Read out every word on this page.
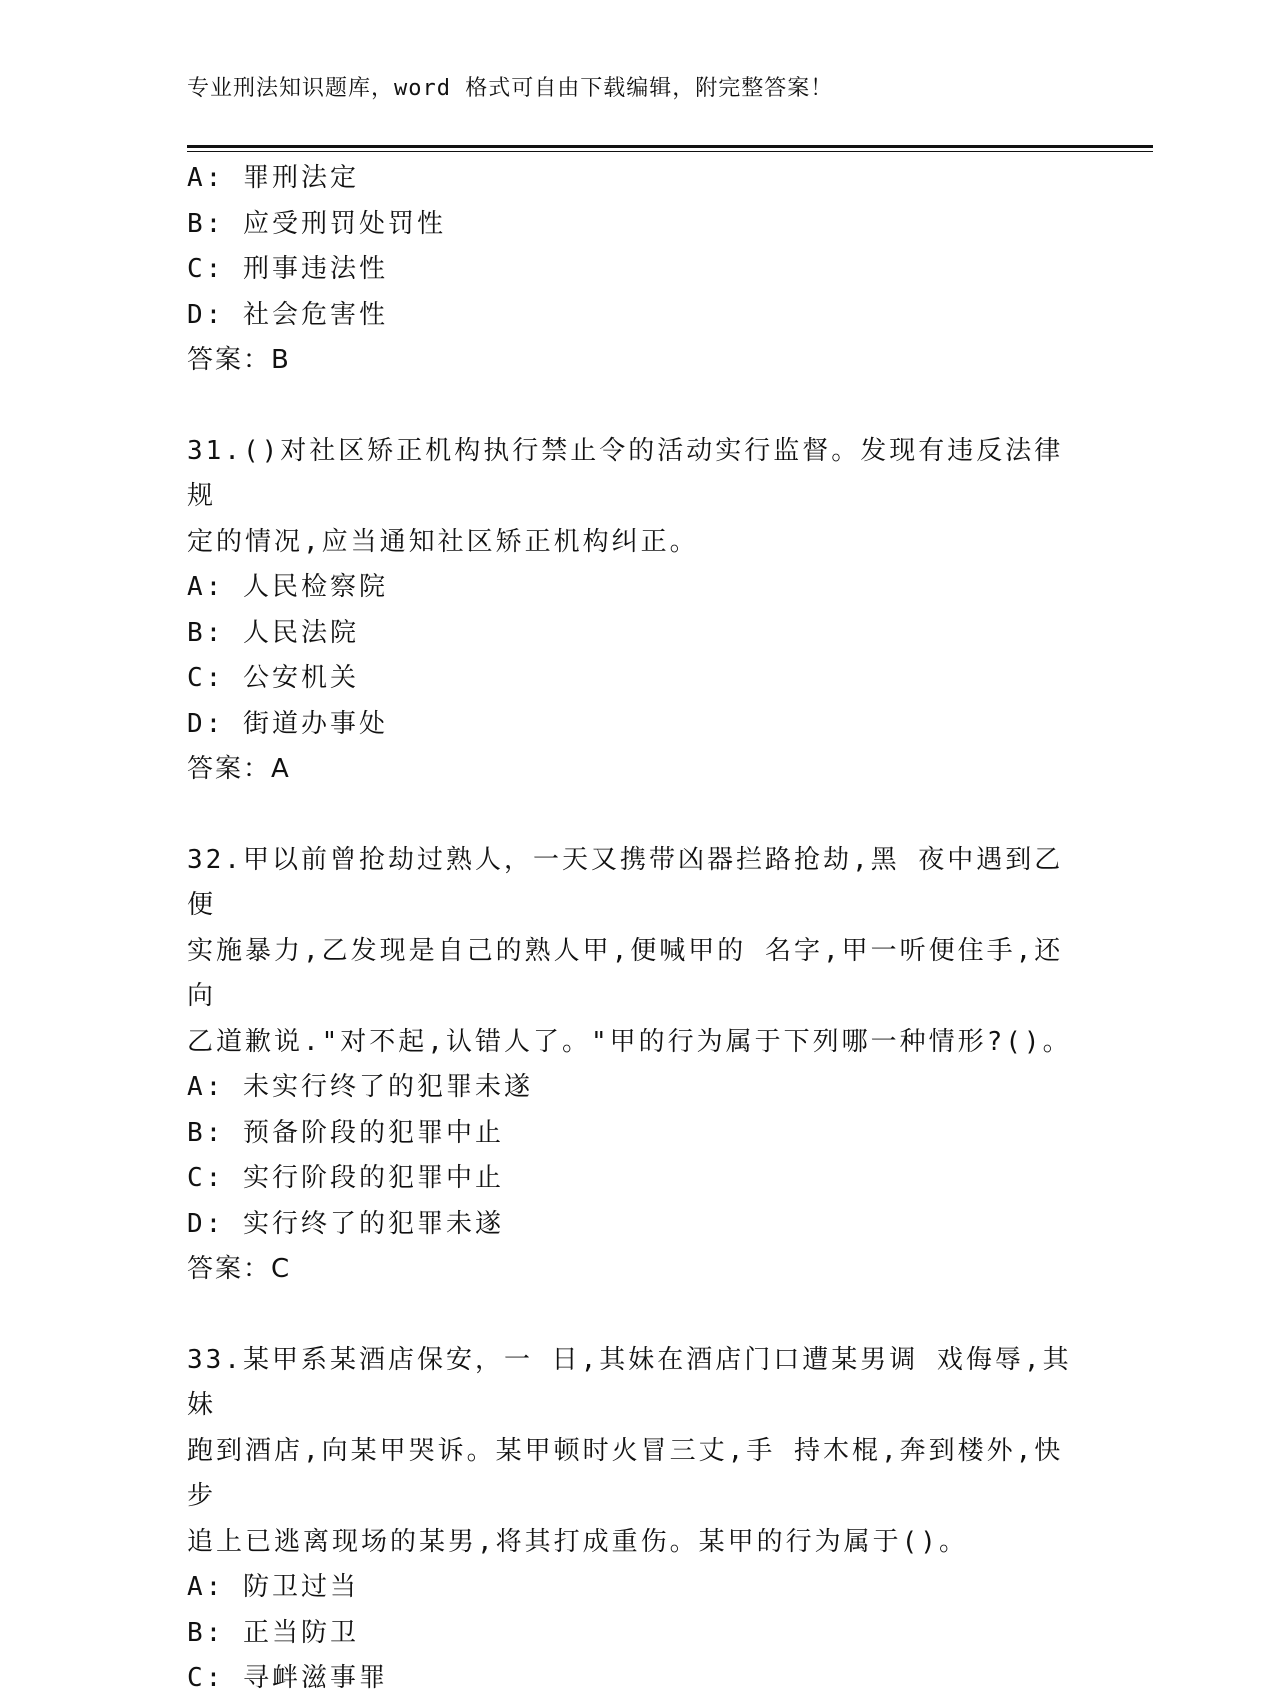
专业刑法知识题库，word 格式可自由下载编辑，附完整答案！
A: 罪刑法定
B: 应受刑罚处罚性
C: 刑事违法性
D: 社会危害性
答案：B
31.()对社区矫正机构执行禁止令的活动实行监督。发现有违反法律规
定的情况,应当通知社区矫正机构纠正。
A: 人民检察院
B: 人民法院
C: 公安机关
D: 街道办事处
答案：A
32.甲以前曾抢劫过熟人，一天又携带凶器拦路抢劫,黑 夜中遇到乙便
实施暴力,乙发现是自己的熟人甲,便喊甲的 名字,甲一听便住手,还向
乙道歉说."对不起,认错人了。"甲的行为属于下列哪一种情形?()。
A: 未实行终了的犯罪未遂
B: 预备阶段的犯罪中止
C: 实行阶段的犯罪中止
D: 实行终了的犯罪未遂
答案：C
33.某甲系某酒店保安，一 日,其妹在酒店门口遭某男调 戏侮辱,其妹
跑到酒店,向某甲哭诉。某甲顿时火冒三丈,手 持木棍,奔到楼外,快步
追上已逃离现场的某男,将其打成重伤。某甲的行为属于()。
A: 防卫过当
B: 正当防卫
C: 寻衅滋事罪
